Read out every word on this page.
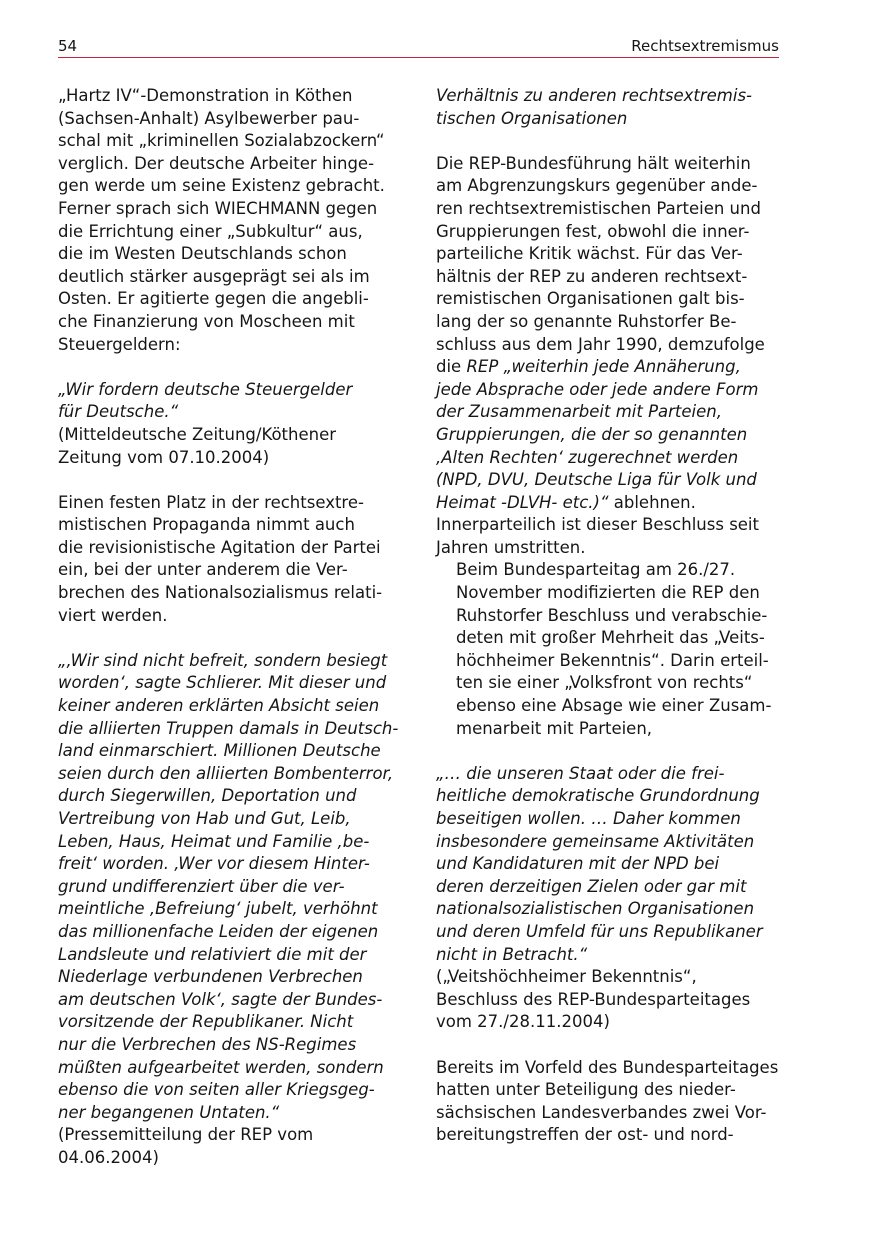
54	Rechtsextremismus

„Hartz IV“-Demonstration in Köthen
(Sachsen-Anhalt) Asylbewerber pau-
schal mit „kriminellen Sozialabzockern“
verglich. Der deutsche Arbeiter hinge-
gen werde um seine Existenz gebracht.
Ferner sprach sich WIECHMANN gegen
die Errichtung einer „Subkultur“ aus,
die im Westen Deutschlands schon
deutlich stärker ausgeprägt sei als im
Osten. Er agitierte gegen die angebli-
che Finanzierung von Moscheen mit
Steuergeldern:

„Wir fordern deutsche Steuergelder
für Deutsche.“

(Mitteldeutsche Zeitung/Köthener
Zeitung vom 07.10.2004)

Einen festen Platz in der rechtsextre-
mistischen Propaganda nimmt auch
die revisionistische Agitation der Partei
ein, bei der unter anderem die Ver-
brechen des Nationalsozialismus relati-
viert werden.

„‚Wir sind nicht befreit, sondern besiegt
worden‘, sagte Schlierer. Mit dieser und
keiner anderen erklärten Absicht seien
die alliierten Truppen damals in Deutsch-
land einmarschiert. Millionen Deutsche
seien durch den alliierten Bombenterror,
durch Siegerwillen, Deportation und
Vertreibung von Hab und Gut, Leib,
Leben, Haus, Heimat und Familie ‚be-
freit‘ worden. ‚Wer vor diesem Hinter-
grund undifferenziert über die ver-
meintliche ‚Befreiung‘ jubelt, verhöhnt
das millionenfache Leiden der eigenen
Landsleute und relativiert die mit der
Niederlage verbundenen Verbrechen
am deutschen Volk‘, sagte der Bundes-
vorsitzende der Republikaner. Nicht
nur die Verbrechen des NS-Regimes
müßten aufgearbeitet werden, sondern
ebenso die von seiten aller Kriegsgeg-
ner begangenen Untaten.“

(Pressemitteilung der REP vom
04.06.2004)

Verhältnis zu anderen rechtsextremis-
tischen Organisationen

Die REP-Bundesführung hält weiterhin
am Abgrenzungskurs gegenüber ande-
ren rechtsextremistischen Parteien und
Gruppierungen fest, obwohl die inner-
parteiliche Kritik wächst. Für das Ver-
hältnis der REP zu anderen rechtsext-
remistischen Organisationen galt bis-
lang der so genannte Ruhstorfer Be-
schluss aus dem Jahr 1990, demzufolge
die REP „weiterhin jede Annäherung,
jede Absprache oder jede andere Form
der Zusammenarbeit mit Parteien,
Gruppierungen, die der so genannten
‚Alten Rechten‘ zugerechnet werden
(NPD, DVU, Deutsche Liga für Volk und
Heimat -DLVH- etc.)“ ablehnen.
Innerparteilich ist dieser Beschluss seit
Jahren umstritten.

Beim Bundesparteitag am 26./27.
November modifizierten die REP den
Ruhstorfer Beschluss und verabschie-
deten mit großer Mehrheit das „Veits-
höchheimer Bekenntnis“. Darin erteil-
ten sie einer „Volksfront von rechts“
ebenso eine Absage wie einer Zusam-
menarbeit mit Parteien,

„… die unseren Staat oder die frei-
heitliche demokratische Grundordnung
beseitigen wollen. … Daher kommen
insbesondere gemeinsame Aktivitäten
und Kandidaturen mit der NPD bei
deren derzeitigen Zielen oder gar mit
nationalsozialistischen Organisationen
und deren Umfeld für uns Republikaner
nicht in Betracht.“

(„Veitshöchheimer Bekenntnis“,
Beschluss des REP-Bundesparteitages
vom 27./28.11.2004)

Bereits im Vorfeld des Bundesparteitages
hatten unter Beteiligung des nieder-
sächsischen Landesverbandes zwei Vor-
bereitungstreffen der ost- und nord-
